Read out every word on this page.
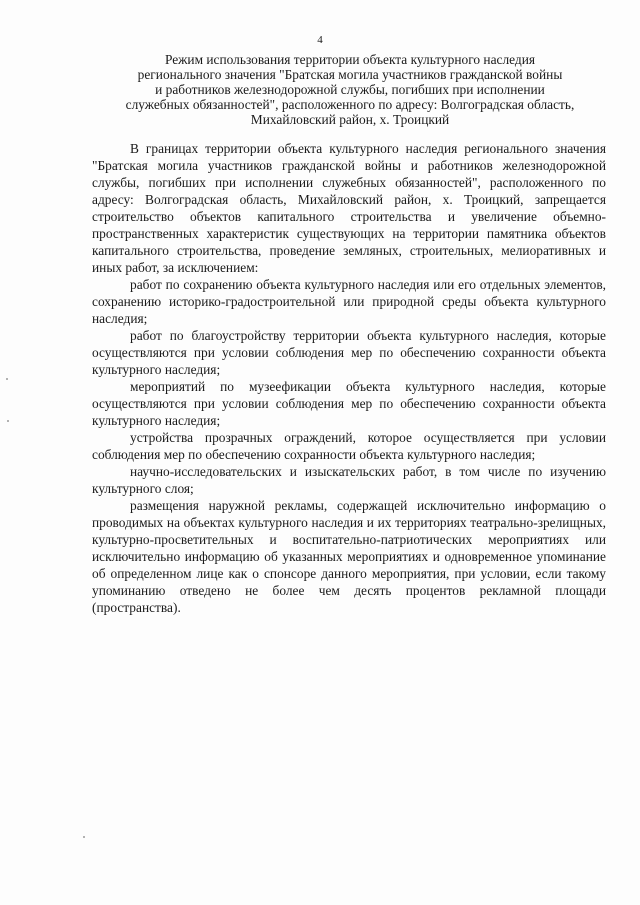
4
Режим использования территории объекта культурного наследия
регионального значения "Братская могила участников гражданской войны
и работников железнодорожной службы, погибших при исполнении
служебных обязанностей", расположенного по адресу: Волгоградская область,
Михайловский район, х. Троицкий

В границах территории объекта культурного наследия регионального значения "Братская могила участников гражданской войны и работников железнодорожной службы, погибших при исполнении служебных обязанностей", расположенного по адресу: Волгоградская область, Михайловский район, х. Троицкий, запрещается строительство объектов капитального строительства и увеличение объемно-пространственных характеристик существующих на территории памятника объектов капитального строительства, проведение земляных, строительных, мелиоративных и иных работ, за исключением:

работ по сохранению объекта культурного наследия или его отдельных элементов, сохранению историко-градостроительной или природной среды объекта культурного наследия;
работ по благоустройству территории объекта культурного наследия, которые осуществляются при условии соблюдения мер по обеспечению сохранности объекта культурного наследия;
мероприятий по музеефикации объекта культурного наследия, которые осуществляются при условии соблюдения мер по обеспечению сохранности объекта культурного наследия;
устройства прозрачных ограждений, которое осуществляется при условии соблюдения мер по обеспечению сохранности объекта культурного наследия;
научно-исследовательских и изыскательских работ, в том числе по изучению культурного слоя;
размещения наружной рекламы, содержащей исключительно информацию о проводимых на объектах культурного наследия и их территориях театрально-зрелищных, культурно-просветительных и воспитательно-патриотических мероприятиях или исключительно информацию об указанных мероприятиях и одновременное упоминание об определенном лице как о спонсоре данного мероприятия, при условии, если такому упоминанию отведено не более чем десять процентов рекламной площади (пространства).
